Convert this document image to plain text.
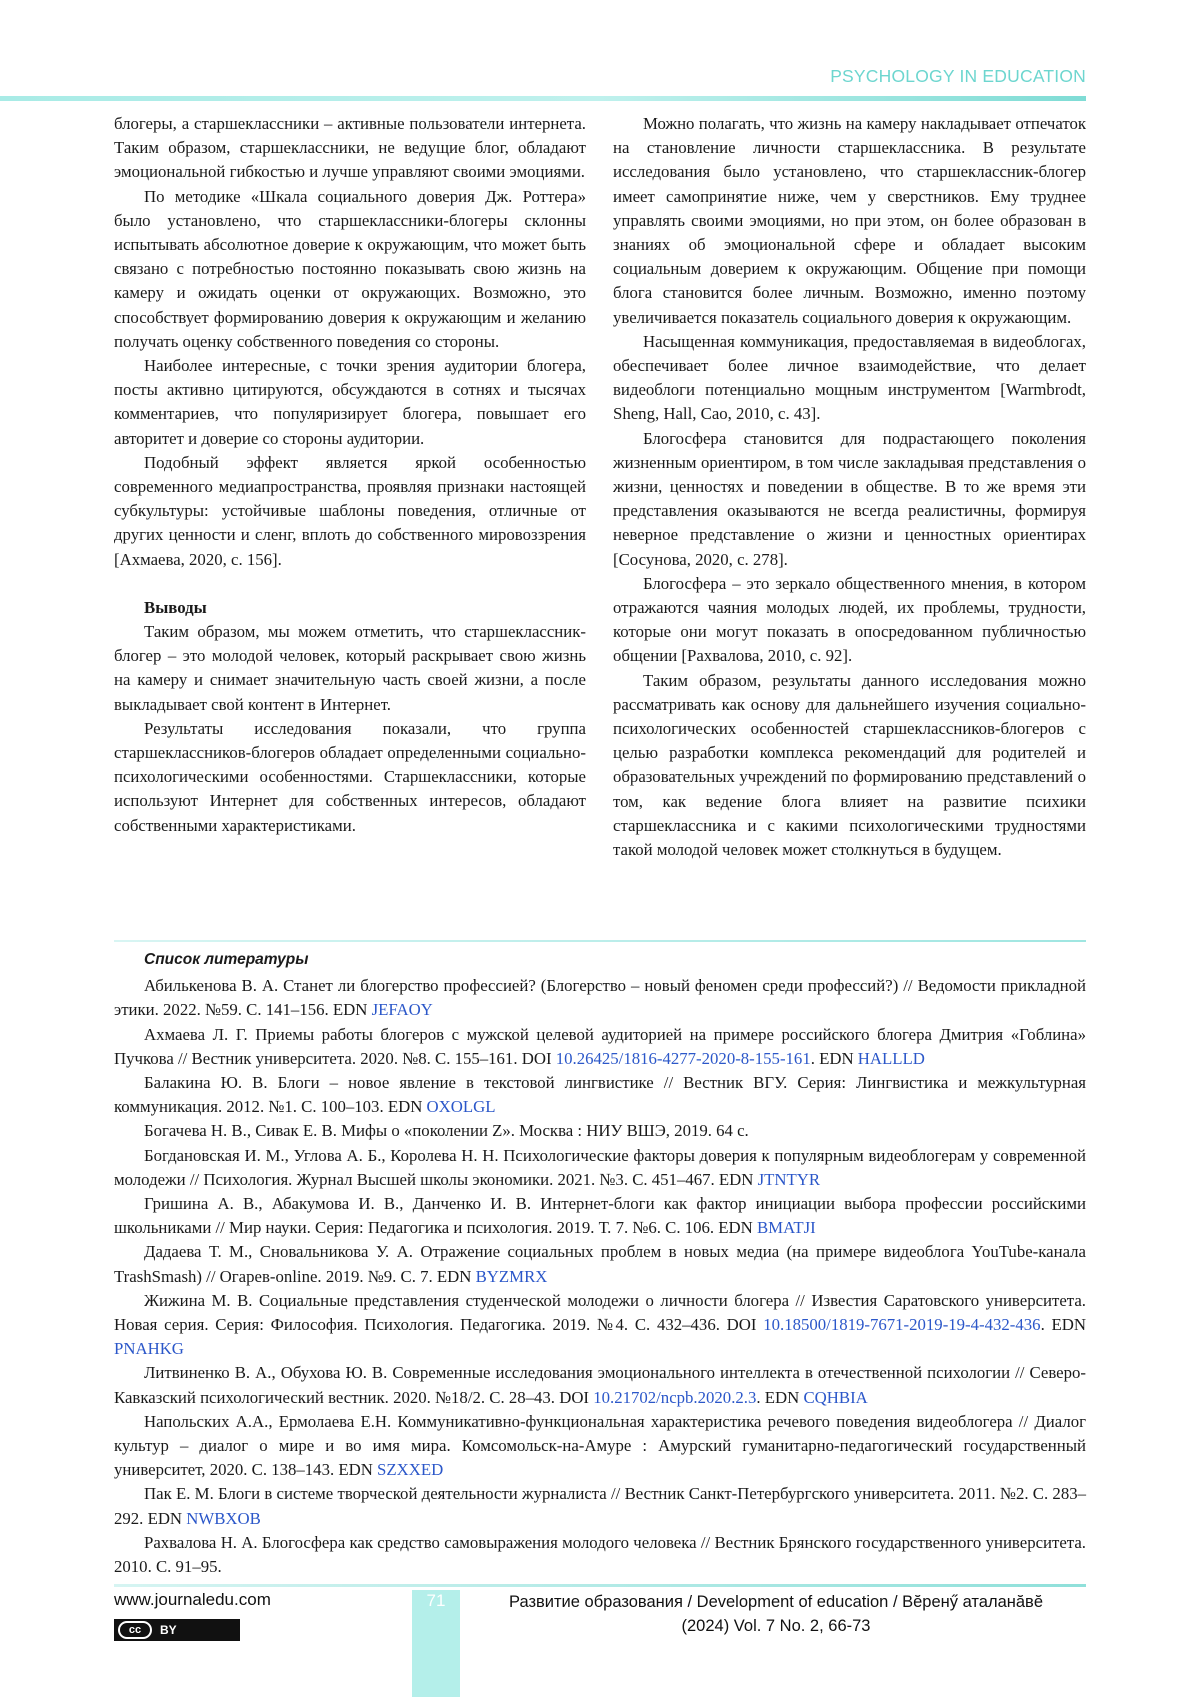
PSYCHOLOGY IN EDUCATION

блогеры, а старшеклассники – активные пользователи интернета. Таким образом, старшеклассники, не ведущие блог, обладают эмоциональной гибкостью и лучше управляют своими эмоциями.

По методике «Шкала социального доверия Дж. Роттера» было установлено, что старшеклассники-блогеры склонны испытывать абсолютное доверие к окружающим, что может быть связано с потребностью постоянно показывать свою жизнь на камеру и ожидать оценки от окружающих. Возможно, это способствует формированию доверия к окружающим и желанию получать оценку собственного поведения со стороны.

Наиболее интересные, с точки зрения аудитории блогера, посты активно цитируются, обсуждаются в сотнях и тысячах комментариев, что популяризирует блогера, повышает его авторитет и доверие со стороны аудитории.

Подобный эффект является яркой особенностью современного медиапространства, проявляя признаки настоящей субкультуры: устойчивые шаблоны поведения, отличные от других ценности и сленг, вплоть до собственного мировоззрения [Ахмаева, 2020, с. 156].

Выводы

Таким образом, мы можем отметить, что старшеклассник-блогер – это молодой человек, который раскрывает свою жизнь на камеру и снимает значительную часть своей жизни, а после выкладывает свой контент в Интернет.

Результаты исследования показали, что группа старшеклассников-блогеров обладает определенными социально-психологическими особенностями. Старшеклассники, которые используют Интернет для собственных интересов, обладают собственными характеристиками.

Можно полагать, что жизнь на камеру накладывает отпечаток на становление личности старшеклассника. В результате исследования было установлено, что старшеклассник-блогер имеет самопринятие ниже, чем у сверстников. Ему труднее управлять своими эмоциями, но при этом, он более образован в знаниях об эмоциональной сфере и обладает высоким социальным доверием к окружающим. Общение при помощи блога становится более личным. Возможно, именно поэтому увеличивается показатель социального доверия к окружающим.

Насыщенная коммуникация, предоставляемая в видеоблогах, обеспечивает более личное взаимодействие, что делает видеоблоги потенциально мощным инструментом [Warmbrodt, Sheng, Hall, Cao, 2010, с. 43].

Блогосфера становится для подрастающего поколения жизненным ориентиром, в том числе закладывая представления о жизни, ценностях и поведении в обществе. В то же время эти представления оказываются не всегда реалистичны, формируя неверное представление о жизни и ценностных ориентирах [Сосунова, 2020, с. 278].

Блогосфера – это зеркало общественного мнения, в котором отражаются чаяния молодых людей, их проблемы, трудности, которые они могут показать в опосредованном публичностью общении [Рахвалова, 2010, с. 92].

Таким образом, результаты данного исследования можно рассматривать как основу для дальнейшего изучения социально-психологических особенностей старшеклассников-блогеров с целью разработки комплекса рекомендаций для родителей и образовательных учреждений по формированию представлений о том, как ведение блога влияет на развитие психики старшеклассника и с какими психологическими трудностями такой молодой человек может столкнуться в будущем.

Список литературы

Абилькенова В. А. Станет ли блогерство профессией? (Блогерство – новый феномен среди профессий?) // Ведомости прикладной этики. 2022. №59. С. 141–156. EDN JEFAOY

Ахмаева Л. Г. Приемы работы блогеров с мужской целевой аудиторией на примере российского блогера Дмитрия «Гоблина» Пучкова // Вестник университета. 2020. №8. С. 155–161. DOI 10.26425/1816-4277-2020-8-155-161. EDN HALLLD

Балакина Ю. В. Блоги – новое явление в текстовой лингвистике // Вестник ВГУ. Серия: Лингвистика и межкультурная коммуникация. 2012. №1. С. 100–103. EDN OXOLGL

Богачева Н. В., Сивак Е. В. Мифы о «поколении Z». Москва : НИУ ВШЭ, 2019. 64 с.

Богдановская И. М., Углова А. Б., Королева Н. Н. Психологические факторы доверия к популярным видеоблогерам у современной молодежи // Психология. Журнал Высшей школы экономики. 2021. №3. С. 451–467. EDN JTNTYR

Гришина А. В., Абакумова И. В., Данченко И. В. Интернет-блоги как фактор инициации выбора профессии российскими школьниками // Мир науки. Серия: Педагогика и психология. 2019. Т. 7. №6. С. 106. EDN BMATJI

Дадаева Т. М., Сновальникова У. А. Отражение социальных проблем в новых медиа (на примере видеоблога YouTube-канала TrashSmash) // Огарев-online. 2019. №9. С. 7. EDN BYZMRX

Жижина М. В. Социальные представления студенческой молодежи о личности блогера // Известия Саратовского университета. Новая серия. Серия: Философия. Психология. Педагогика. 2019. №4. С. 432–436. DOI 10.18500/1819-7671-2019-19-4-432-436. EDN PNAHKG

Литвиненко В. А., Обухова Ю. В. Современные исследования эмоционального интеллекта в отечественной психологии // Северо-Кавказский психологический вестник. 2020. №18/2. С. 28–43. DOI 10.21702/ncpb.2020.2.3. EDN CQHBIA

Напольских А.А., Ермолаева Е.Н. Коммуникативно-функциональная характеристика речевого поведения видеоблогера // Диалог культур – диалог о мире и во имя мира. Комсомольск-на-Амуре : Амурский гуманитарно-педагогический государственный университет, 2020. С. 138–143. EDN SZXXED

Пак Е. М. Блоги в системе творческой деятельности журналиста // Вестник Санкт-Петербургского университета. 2011. №2. С. 283–292. EDN NWBXOB

Рахвалова Н. А. Блогосфера как средство самовыражения молодого человека // Вестник Брянского государственного университета. 2010. С. 91–95.

www.journaledu.com
cc	BY
71	Развитие образования / Development of education / Вĕренӳ аталанăвĕ
(2024) Vol. 7 No. 2, 66-73
